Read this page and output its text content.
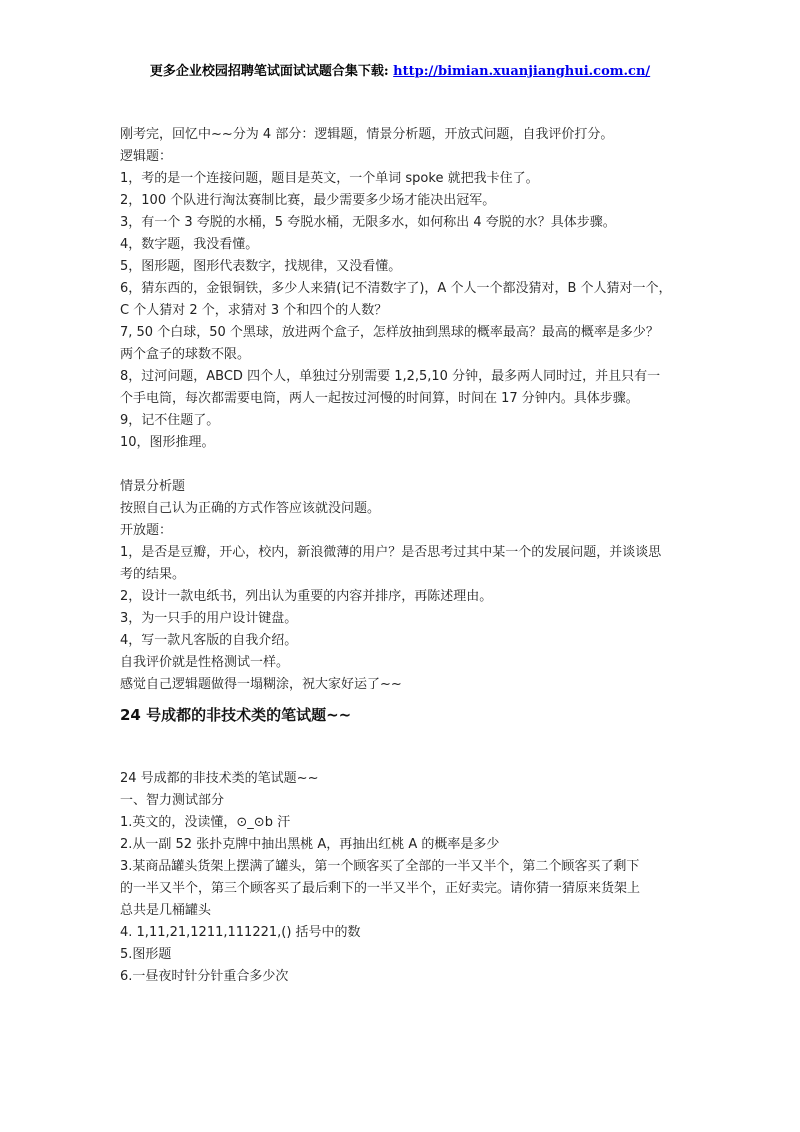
更多企业校园招聘笔试面试试题合集下载: http://bimian.xuanjianghui.com.cn/

刚考完，回忆中~~分为 4 部分：逻辑题，情景分析题，开放式问题，自我评价打分。

逻辑题：

1，考的是一个连接问题，题目是英文，一个单词 spoke 就把我卡住了。

2，100 个队进行淘汰赛制比赛，最少需要多少场才能决出冠军。

3，有一个 3 夸脱的水桶，5 夸脱水桶，无限多水，如何称出 4 夸脱的水？具体步骤。

4，数字题，我没看懂。

5，图形题，图形代表数字，找规律，又没看懂。

6，猜东西的，金银铜铁，多少人来猜(记不清数字了)，A 个人一个都没猜对，B 个人猜对一个，

C 个人猜对 2 个，求猜对 3 个和四个的人数？

7, 50 个白球，50 个黑球，放进两个盒子，怎样放抽到黑球的概率最高？最高的概率是多少？

两个盒子的球数不限。

8，过河问题，ABCD 四个人，单独过分别需要 1,2,5,10 分钟，最多两人同时过，并且只有一

个手电筒，每次都需要电筒，两人一起按过河慢的时间算，时间在 17 分钟内。具体步骤。

9，记不住题了。

10，图形推理。

情景分析题

按照自己认为正确的方式作答应该就没问题。

开放题：

1，是否是豆瓣，开心，校内，新浪微薄的用户？是否思考过其中某一个的发展问题，并谈谈思

考的结果。

2，设计一款电纸书，列出认为重要的内容并排序，再陈述理由。

3，为一只手的用户设计键盘。

4，写一款凡客版的自我介绍。

自我评价就是性格测试一样。

感觉自己逻辑题做得一塌糊涂，祝大家好运了~~

24 号成都的非技术类的笔试题~~

24 号成都的非技术类的笔试题~~

一、智力测试部分

1.英文的，没读懂，⊙_⊙b 汗

2.从一副 52 张扑克牌中抽出黑桃 A，再抽出红桃 A 的概率是多少

3.某商品罐头货架上摆满了罐头，第一个顾客买了全部的一半又半个，第二个顾客买了剩下

的一半又半个，第三个顾客买了最后剩下的一半又半个，正好卖完。请你猜一猜原来货架上

总共是几桶罐头

4. 1,11,21,1211,111221,() 括号中的数

5.图形题

6.一昼夜时针分针重合多少次
